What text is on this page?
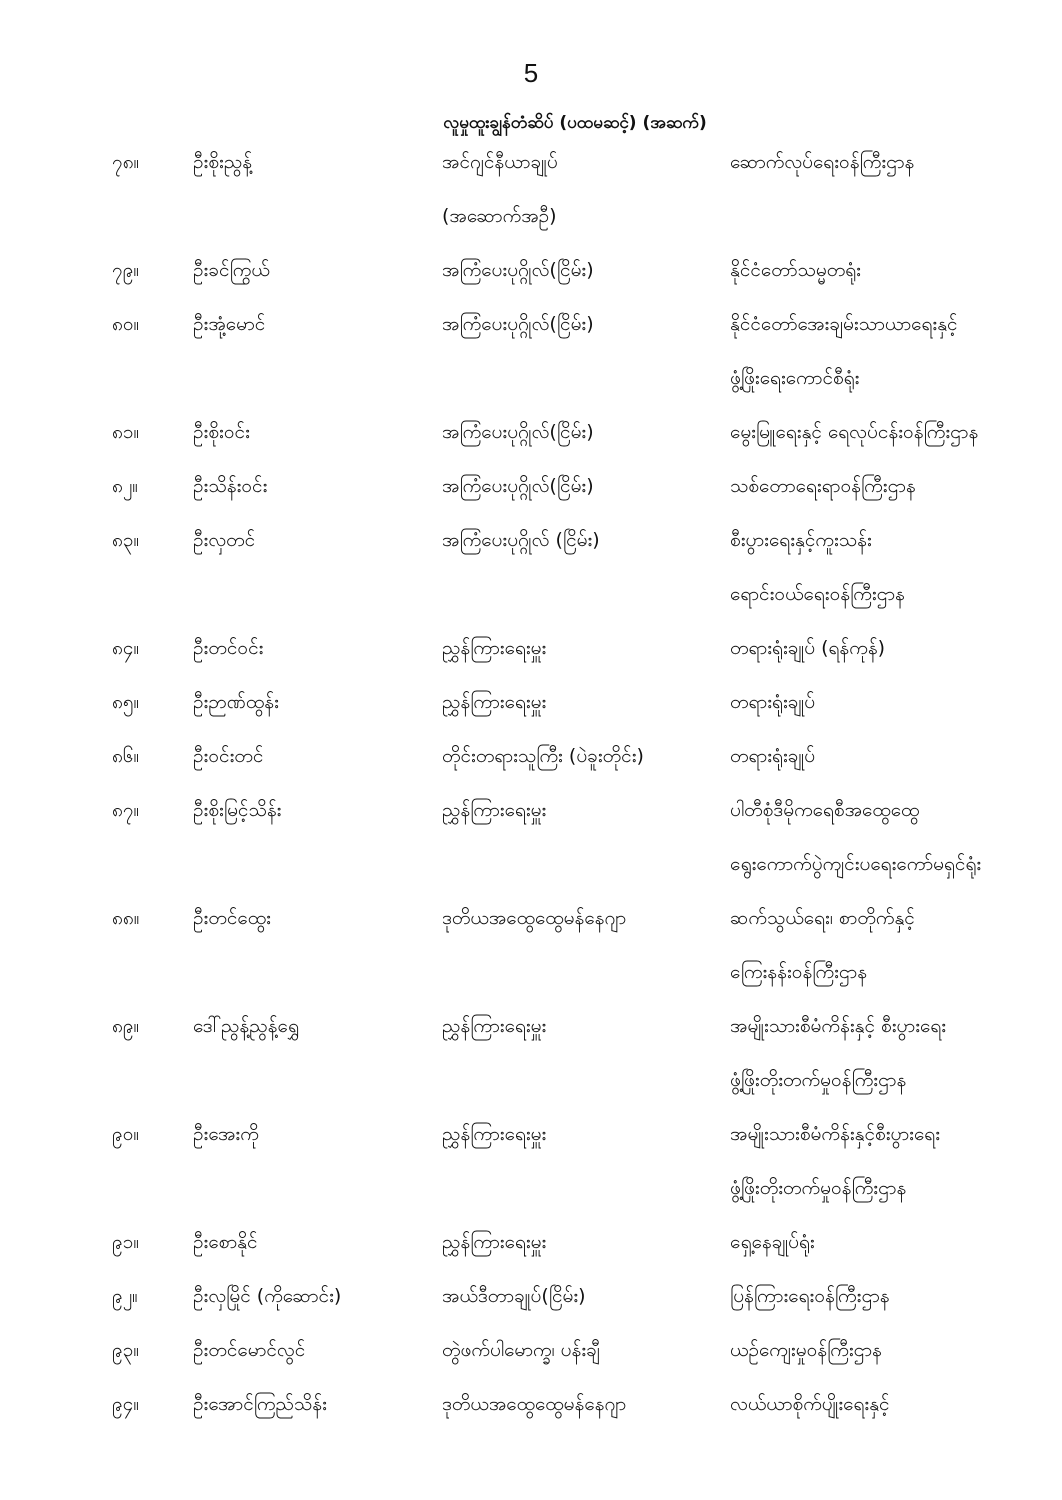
5
လူမှုထူးချွန်တံဆိပ် (ပထမဆင့်) (အဆက်)
၇၈။	ဦးစိုးညွန့်	အင်ဂျင်နီယာချုပ်	ဆောက်လုပ်ရေးဝန်ကြီးဌာန
(အဆောက်အဦ)
၇၉။	ဦးခင်ကြွယ်	အကြံပေးပုဂ္ဂိုလ်(ငြိမ်း)	နိုင်ငံတော်သမ္မတရုံး
၈၀။	ဦးအုံ့မောင်	အကြံပေးပုဂ္ဂိုလ်(ငြိမ်း)	နိုင်ငံတော်အေးချမ်းသာယာရေးနှင့်
ဖွံ့ဖြိုးရေးကောင်စီရုံး
၈၁။	ဦးစိုးဝင်း	အကြံပေးပုဂ္ဂိုလ်(ငြိမ်း)	မွေးမြူရေးနှင့် ရေလုပ်ငန်းဝန်ကြီးဌာန
၈၂။	ဦးသိန်းဝင်း	အကြံပေးပုဂ္ဂိုလ်(ငြိမ်း)	သစ်တောရေးရာဝန်ကြီးဌာန
၈၃။	ဦးလှတင်	အကြံပေးပုဂ္ဂိုလ် (ငြိမ်း)	စီးပွားရေးနှင့်ကူးသန်း
ရောင်းဝယ်ရေးဝန်ကြီးဌာန
၈၄။	ဦးတင်ဝင်း	ညွှန်ကြားရေးမှူး	တရားရုံးချုပ် (ရန်ကုန်)
၈၅။	ဦးဉာဏ်ထွန်း	ညွှန်ကြားရေးမှူး	တရားရုံးချုပ်
၈၆။	ဦးဝင်းတင်	တိုင်းတရားသူကြီး (ပဲခူးတိုင်း)	တရားရုံးချုပ်
၈၇။	ဦးစိုးမြင့်သိန်း	ညွှန်ကြားရေးမှူး	ပါတီစုံဒီမိုကရေစီအထွေထွေ
ရွေးကောက်ပွဲကျင်းပရေးကော်မရှင်ရုံး
၈၈။	ဦးတင်ထွေး	ဒုတိယအထွေထွေမန်နေဂျာ	ဆက်သွယ်ရေး၊ စာတိုက်နှင့်
ကြေးနန်းဝန်ကြီးဌာန
၈၉။	ဒေါ်ညွန့်ညွန့်ရွှေ	ညွှန်ကြားရေးမှူး	အမျိုးသားစီမံကိန်းနှင့် စီးပွားရေး
ဖွံ့ဖြိုးတိုးတက်မှုဝန်ကြီးဌာန
၉၀။	ဦးအေးကို	ညွှန်ကြားရေးမှူး	အမျိုးသားစီမံကိန်းနှင့်စီးပွားရေး
ဖွံ့ဖြိုးတိုးတက်မှုဝန်ကြီးဌာန
၉၁။	ဦးစောနိုင်	ညွှန်ကြားရေးမှူး	ရှေ့နေချုပ်ရုံး
၉၂။	ဦးလှမြိုင် (ကိုဆောင်း)	အယ်ဒီတာချုပ်(ငြိမ်း)	ပြန်ကြားရေးဝန်ကြီးဌာန
၉၃။	ဦးတင်မောင်လွင်	တွဲဖက်ပါမောက္ခ၊ ပန်းချီ	ယဉ်ကျေးမှုဝန်ကြီးဌာန
၉၄။	ဦးအောင်ကြည်သိန်း	ဒုတိယအထွေထွေမန်နေဂျာ	လယ်ယာစိုက်ပျိုးရေးနှင့်
